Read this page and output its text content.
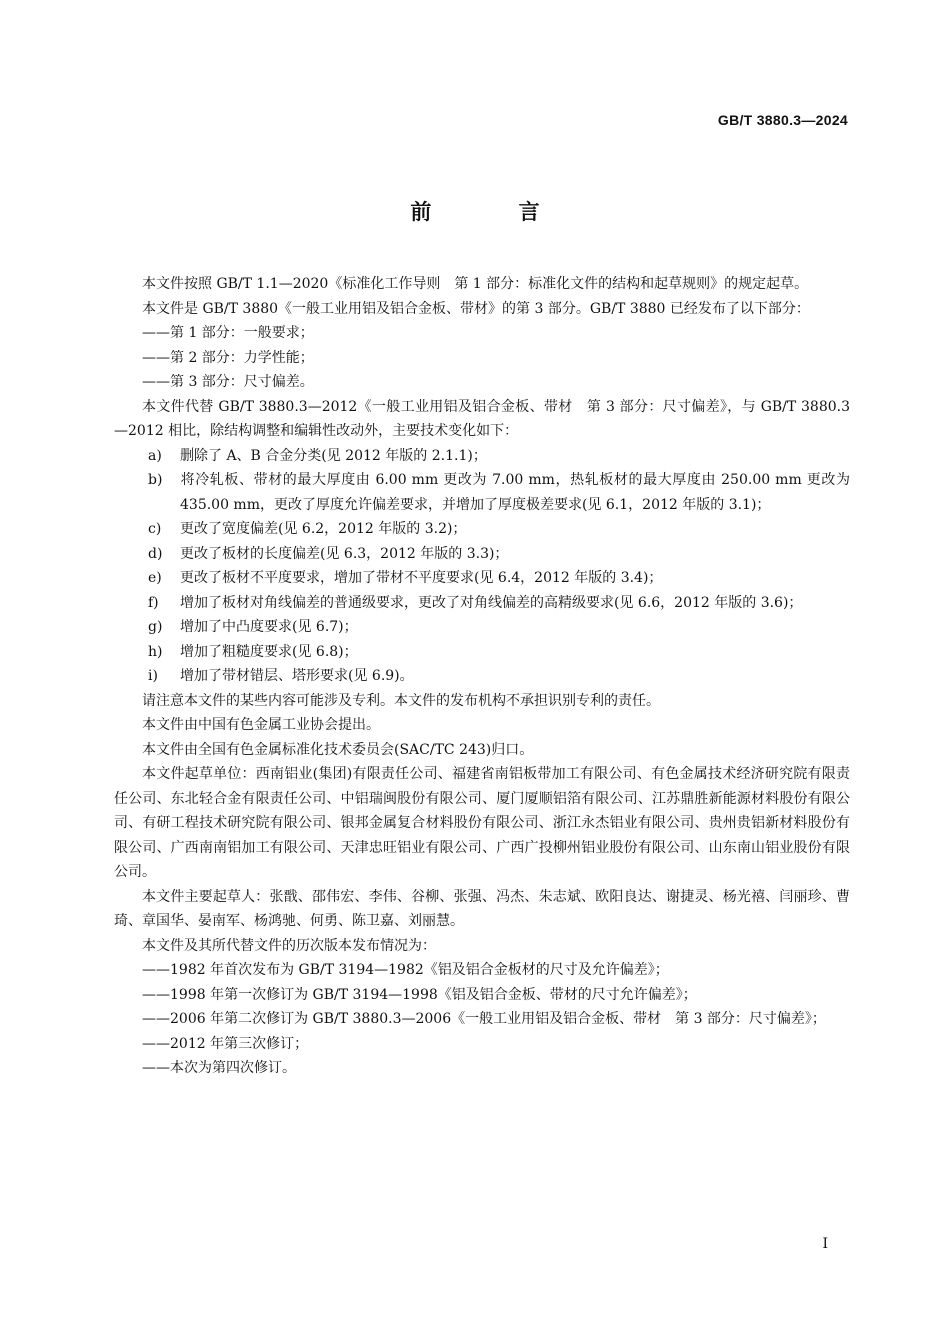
GB/T 3880.3—2024
前 言

本文件按照 GB/T 1.1—2020《标准化工作导则　第 1 部分：标准化文件的结构和起草规则》的规定起草。

本文件是 GB/T 3880《一般工业用铝及铝合金板、带材》的第 3 部分。GB/T 3880 已经发布了以下部分：

——第 1 部分：一般要求；

——第 2 部分：力学性能；

——第 3 部分：尺寸偏差。

本文件代替 GB/T 3880.3—2012《一般工业用铝及铝合金板、带材　第 3 部分：尺寸偏差》，与 GB/T 3880.3—2012 相比，除结构调整和编辑性改动外，主要技术变化如下：

a) 删除了 A、B 合金分类(见 2012 年版的 2.1.1)；

b) 将冷轧板、带材的最大厚度由 6.00 mm 更改为 7.00 mm，热轧板材的最大厚度由 250.00 mm 更改为 435.00 mm，更改了厚度允许偏差要求，并增加了厚度极差要求(见 6.1，2012 年版的 3.1)；

c) 更改了宽度偏差(见 6.2，2012 年版的 3.2)；

d) 更改了板材的长度偏差(见 6.3，2012 年版的 3.3)；

e) 更改了板材不平度要求，增加了带材不平度要求(见 6.4，2012 年版的 3.4)；

f) 增加了板材对角线偏差的普通级要求，更改了对角线偏差的高精级要求(见 6.6，2012 年版的 3.6)；

g) 增加了中凸度要求(见 6.7)；

h) 增加了粗糙度要求(见 6.8)；

i) 增加了带材错层、塔形要求(见 6.9)。

请注意本文件的某些内容可能涉及专利。本文件的发布机构不承担识别专利的责任。

本文件由中国有色金属工业协会提出。

本文件由全国有色金属标准化技术委员会(SAC/TC 243)归口。

本文件起草单位：西南铝业(集团)有限责任公司、福建省南铝板带加工有限公司、有色金属技术经济研究院有限责任公司、东北轻合金有限责任公司、中铝瑞闽股份有限公司、厦门厦顺铝箔有限公司、江苏鼎胜新能源材料股份有限公司、有研工程技术研究院有限公司、银邦金属复合材料股份有限公司、浙江永杰铝业有限公司、贵州贵铝新材料股份有限公司、广西南南铝加工有限公司、天津忠旺铝业有限公司、广西广投柳州铝业股份有限公司、山东南山铝业股份有限公司。

本文件主要起草人：张戬、邵伟宏、李伟、谷柳、张强、冯杰、朱志斌、欧阳良达、谢捷灵、杨光禧、闫丽珍、曹琦、章国华、晏南军、杨鸿驰、何勇、陈卫嘉、刘丽慧。

本文件及其所代替文件的历次版本发布情况为：

——1982 年首次发布为 GB/T 3194—1982《铝及铝合金板材的尺寸及允许偏差》；

——1998 年第一次修订为 GB/T 3194—1998《铝及铝合金板、带材的尺寸允许偏差》；

——2006 年第二次修订为 GB/T 3880.3—2006《一般工业用铝及铝合金板、带材　第 3 部分：尺寸偏差》；

——2012 年第三次修订；

——本次为第四次修订。

I
